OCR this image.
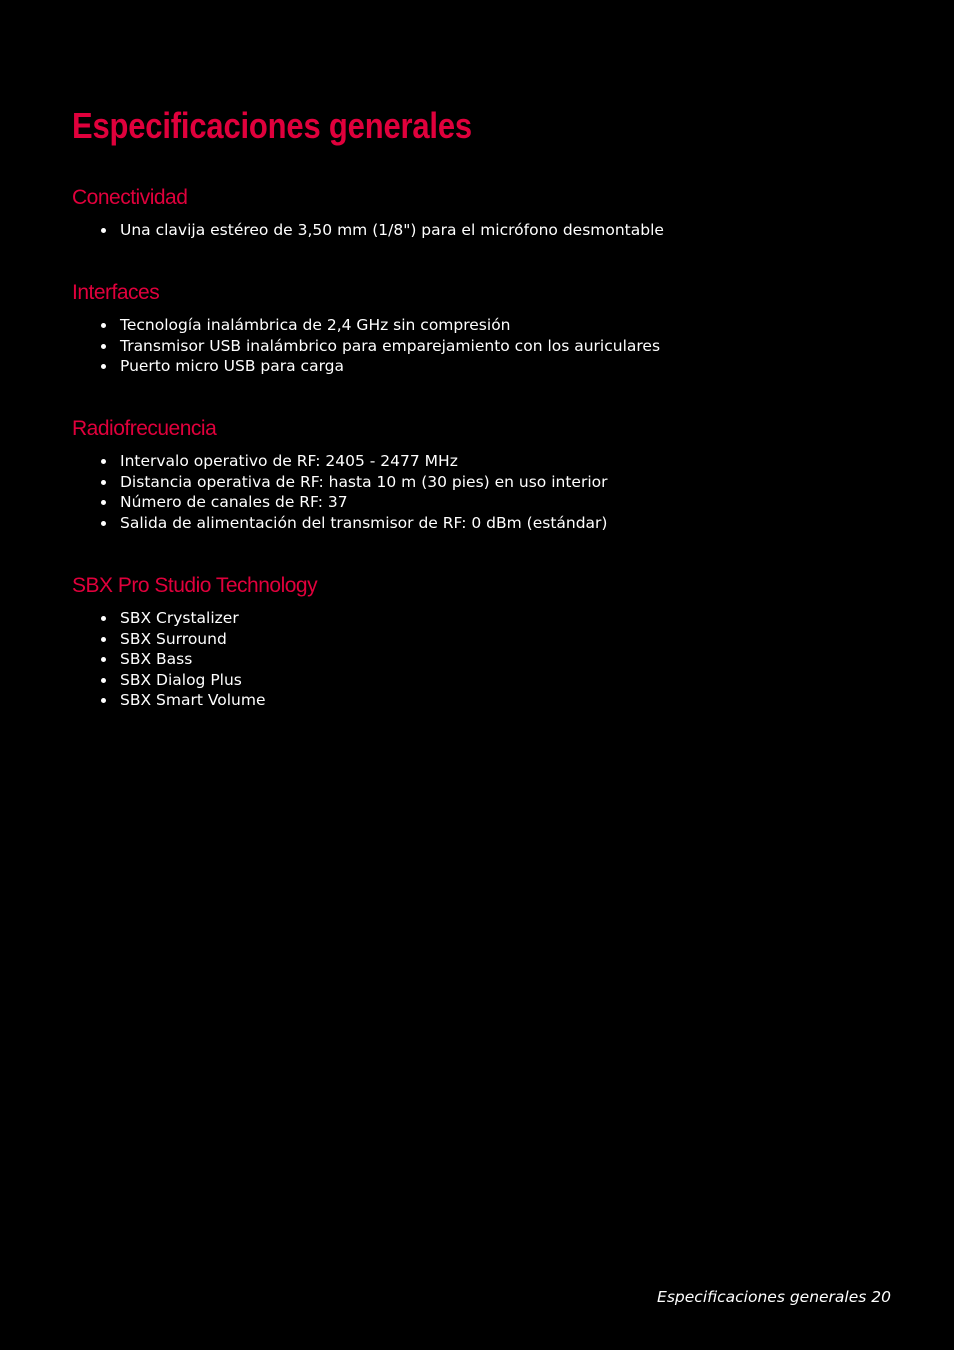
Especificaciones generales
Conectividad
Una clavija estéreo de 3,50 mm (1/8") para el micrófono desmontable
Interfaces
Tecnología inalámbrica de 2,4 GHz sin compresión
Transmisor USB inalámbrico para emparejamiento con los auriculares
Puerto micro USB para carga
Radiofrecuencia
Intervalo operativo de RF: 2405 - 2477 MHz
Distancia operativa de RF: hasta 10 m (30 pies) en uso interior
Número de canales de RF: 37
Salida de alimentación del transmisor de RF: 0 dBm (estándar)
SBX Pro Studio Technology
SBX Crystalizer
SBX Surround
SBX Bass
SBX Dialog Plus
SBX Smart Volume
Especificaciones generales 20
